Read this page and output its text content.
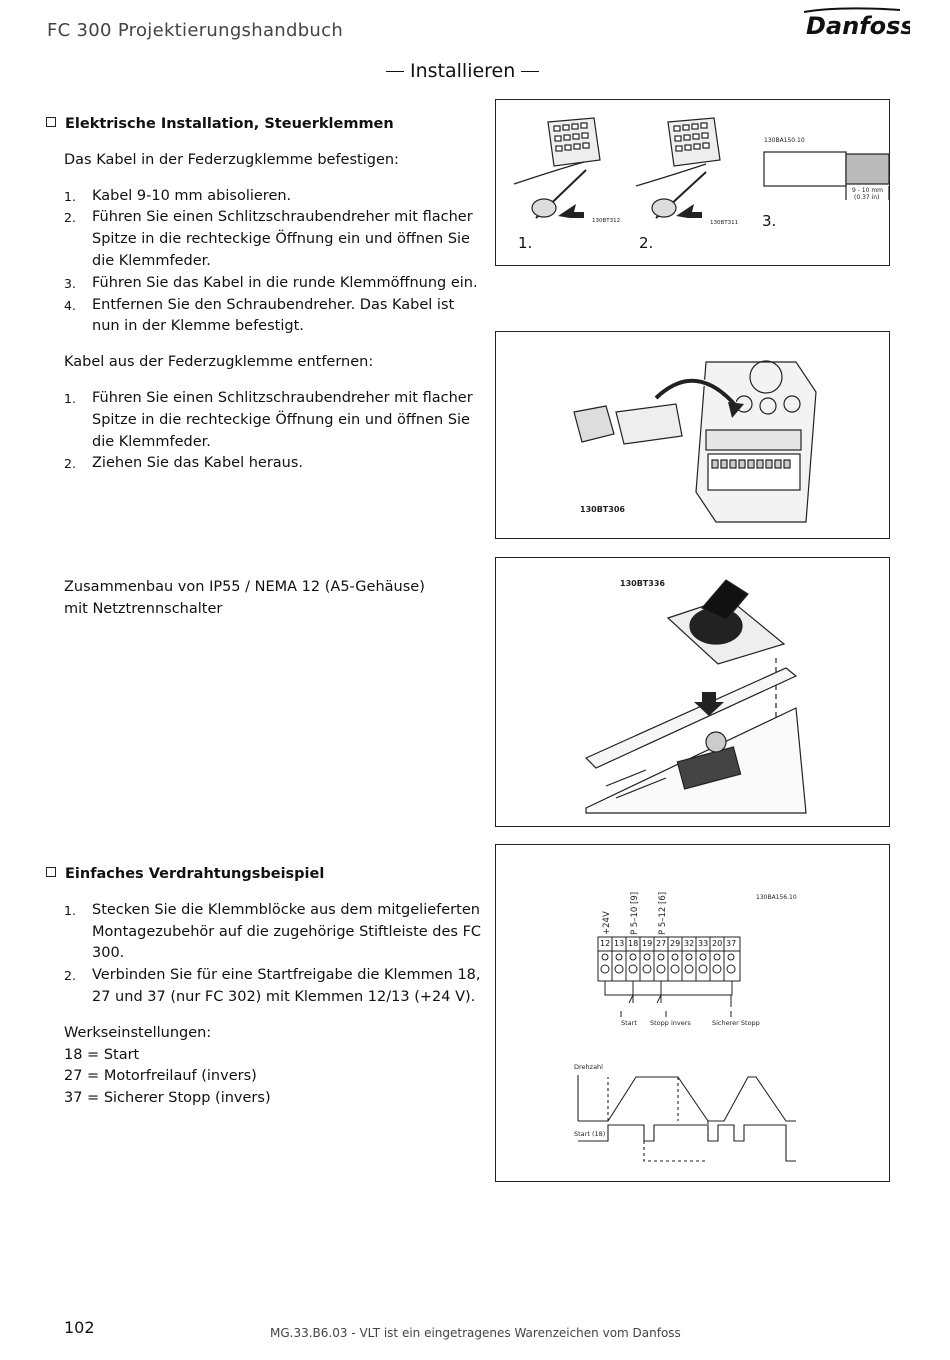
FC 300 Projektierungshandbuch	Danfoss
Installieren
Elektrische Installation, Steuerklemmen
Das Kabel in der Federzugklemme befestigen:
1. Kabel 9-10 mm abisolieren.
2. Führen Sie einen Schlitzschraubendreher mit flacher Spitze in die rechteckige Öffnung ein und öffnen Sie die Klemmfeder.
3. Führen Sie das Kabel in die runde Klemmöffnung ein.
4. Entfernen Sie den Schraubendreher. Das Kabel ist nun in der Klemme befestigt.
Kabel aus der Federzugklemme entfernen:
1. Führen Sie einen Schlitzschraubendreher mit flacher Spitze in die rechteckige Öffnung ein und öffnen Sie die Klemmfeder.
2. Ziehen Sie das Kabel heraus.
130BA150.10
130BT312	130BT311
9 - 10 mm
(0.37 in)
1.	2.
3.
130BT306
Zusammenbau von IP55 / NEMA 12 (A5-Gehäuse)
mit Netztrennschalter
130BT336
Einfaches Verdrahtungsbeispiel
1. Stecken Sie die Klemmblöcke aus dem mitgelieferten Montagezubehör auf die zugehörige Stiftleiste des FC 300.
2. Verbinden Sie für eine Startfreigabe die Klemmen 18, 27 und 37 (nur FC 302) mit Klemmen 12/13 (+24 V).
Werkseinstellungen:
18 = Start
27 = Motorfreilauf (invers)
37 = Sicherer Stopp (invers)
130BA156.10
+24V P 5–10 [9] P 5–12 [6]
12 13 18 19 27 29 32 33 20 37
Start Stopp invers	Sicherer Stopp
Drehzahl
Start (18)
102	MG.33.B6.03 - VLT ist ein eingetragenes Warenzeichen vom Danfoss
